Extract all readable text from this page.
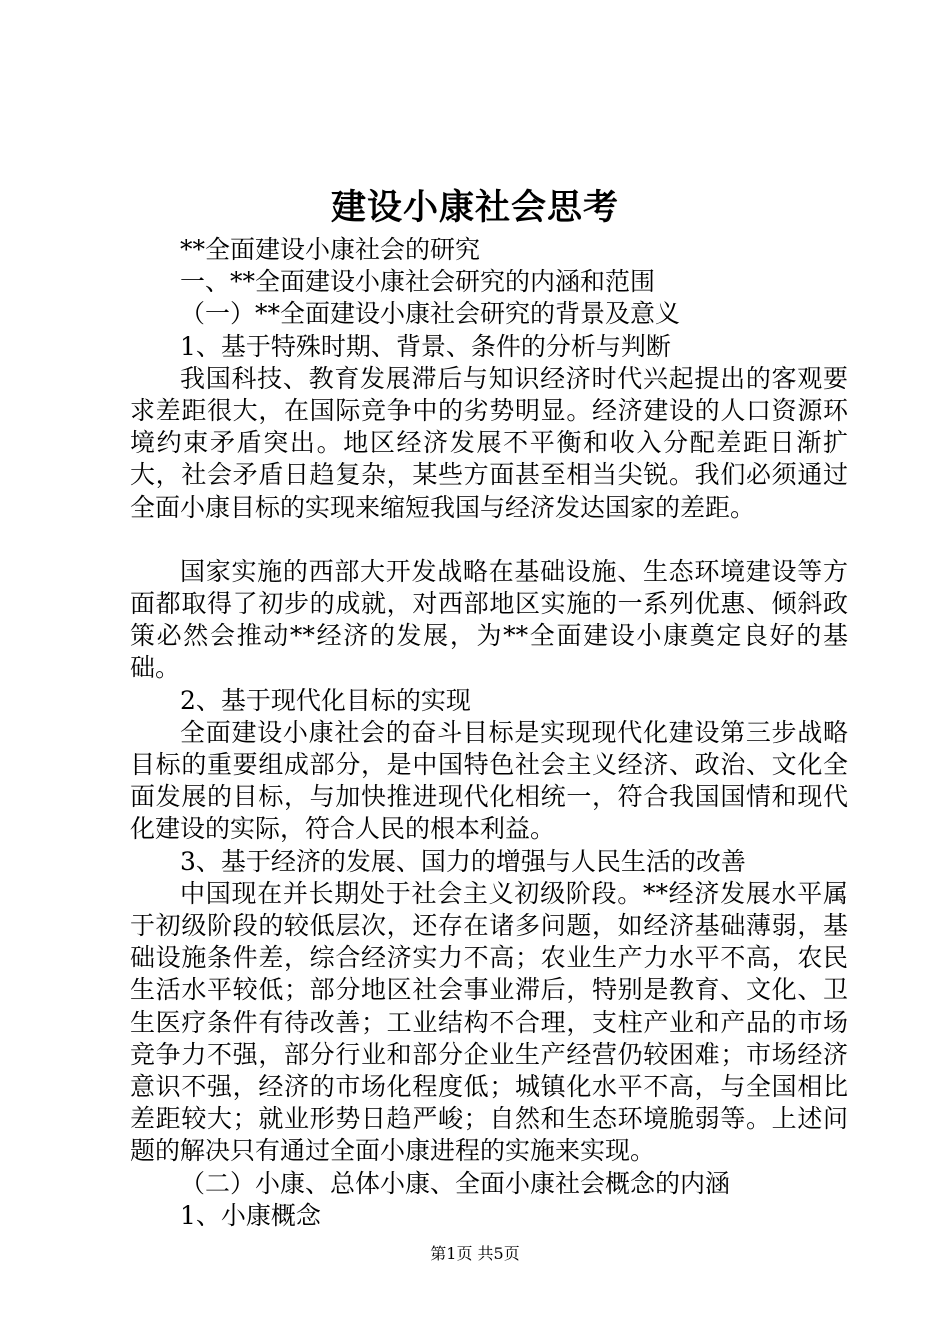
建设小康社会思考

**全面建设小康社会的研究

一、**全面建设小康社会研究的内涵和范围

（一）**全面建设小康社会研究的背景及意义

1、基于特殊时期、背景、条件的分析与判断

我国科技、教育发展滞后与知识经济时代兴起提出的客观要求差距很大，在国际竞争中的劣势明显。经济建设的人口资源环境约束矛盾突出。地区经济发展不平衡和收入分配差距日渐扩大，社会矛盾日趋复杂，某些方面甚至相当尖锐。我们必须通过全面小康目标的实现来缩短我国与经济发达国家的差距。

国家实施的西部大开发战略在基础设施、生态环境建设等方面都取得了初步的成就，对西部地区实施的一系列优惠、倾斜政策必然会推动**经济的发展，为**全面建设小康奠定良好的基础。

2、基于现代化目标的实现

全面建设小康社会的奋斗目标是实现现代化建设第三步战略目标的重要组成部分，是中国特色社会主义经济、政治、文化全面发展的目标，与加快推进现代化相统一，符合我国国情和现代化建设的实际，符合人民的根本利益。

3、基于经济的发展、国力的增强与人民生活的改善

中国现在并长期处于社会主义初级阶段。**经济发展水平属于初级阶段的较低层次，还存在诸多问题，如经济基础薄弱，基础设施条件差，综合经济实力不高；农业生产力水平不高，农民生活水平较低；部分地区社会事业滞后，特别是教育、文化、卫生医疗条件有待改善；工业结构不合理，支柱产业和产品的市场竞争力不强，部分行业和部分企业生产经营仍较困难；市场经济意识不强，经济的市场化程度低；城镇化水平不高，与全国相比差距较大；就业形势日趋严峻；自然和生态环境脆弱等。上述问题的解决只有通过全面小康进程的实施来实现。

（二）小康、总体小康、全面小康社会概念的内涵

1、小康概念

第1页 共5页
